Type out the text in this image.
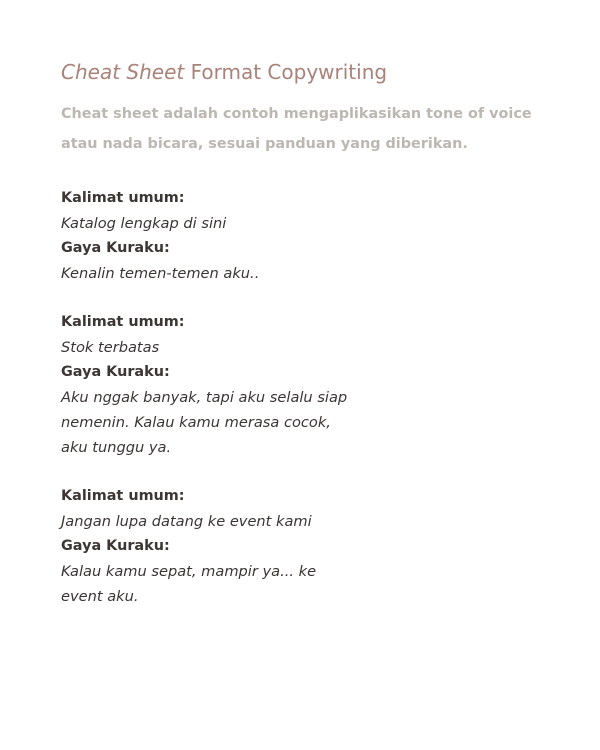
Cheat Sheet Format Copywriting

Cheat sheet adalah contoh mengaplikasikan tone of voice atau nada bicara, sesuai panduan yang diberikan.

Kalimat umum:
Katalog lengkap di sini
Gaya Kuraku:
Kenalin temen-temen aku..
Kalimat umum:
Stok terbatas
Gaya Kuraku:
Aku nggak banyak, tapi aku selalu siap nemenin. Kalau kamu merasa cocok, aku tunggu ya.
Kalimat umum:
Jangan lupa datang ke event kami
Gaya Kuraku:
Kalau kamu sepat, mampir ya... ke event aku.
